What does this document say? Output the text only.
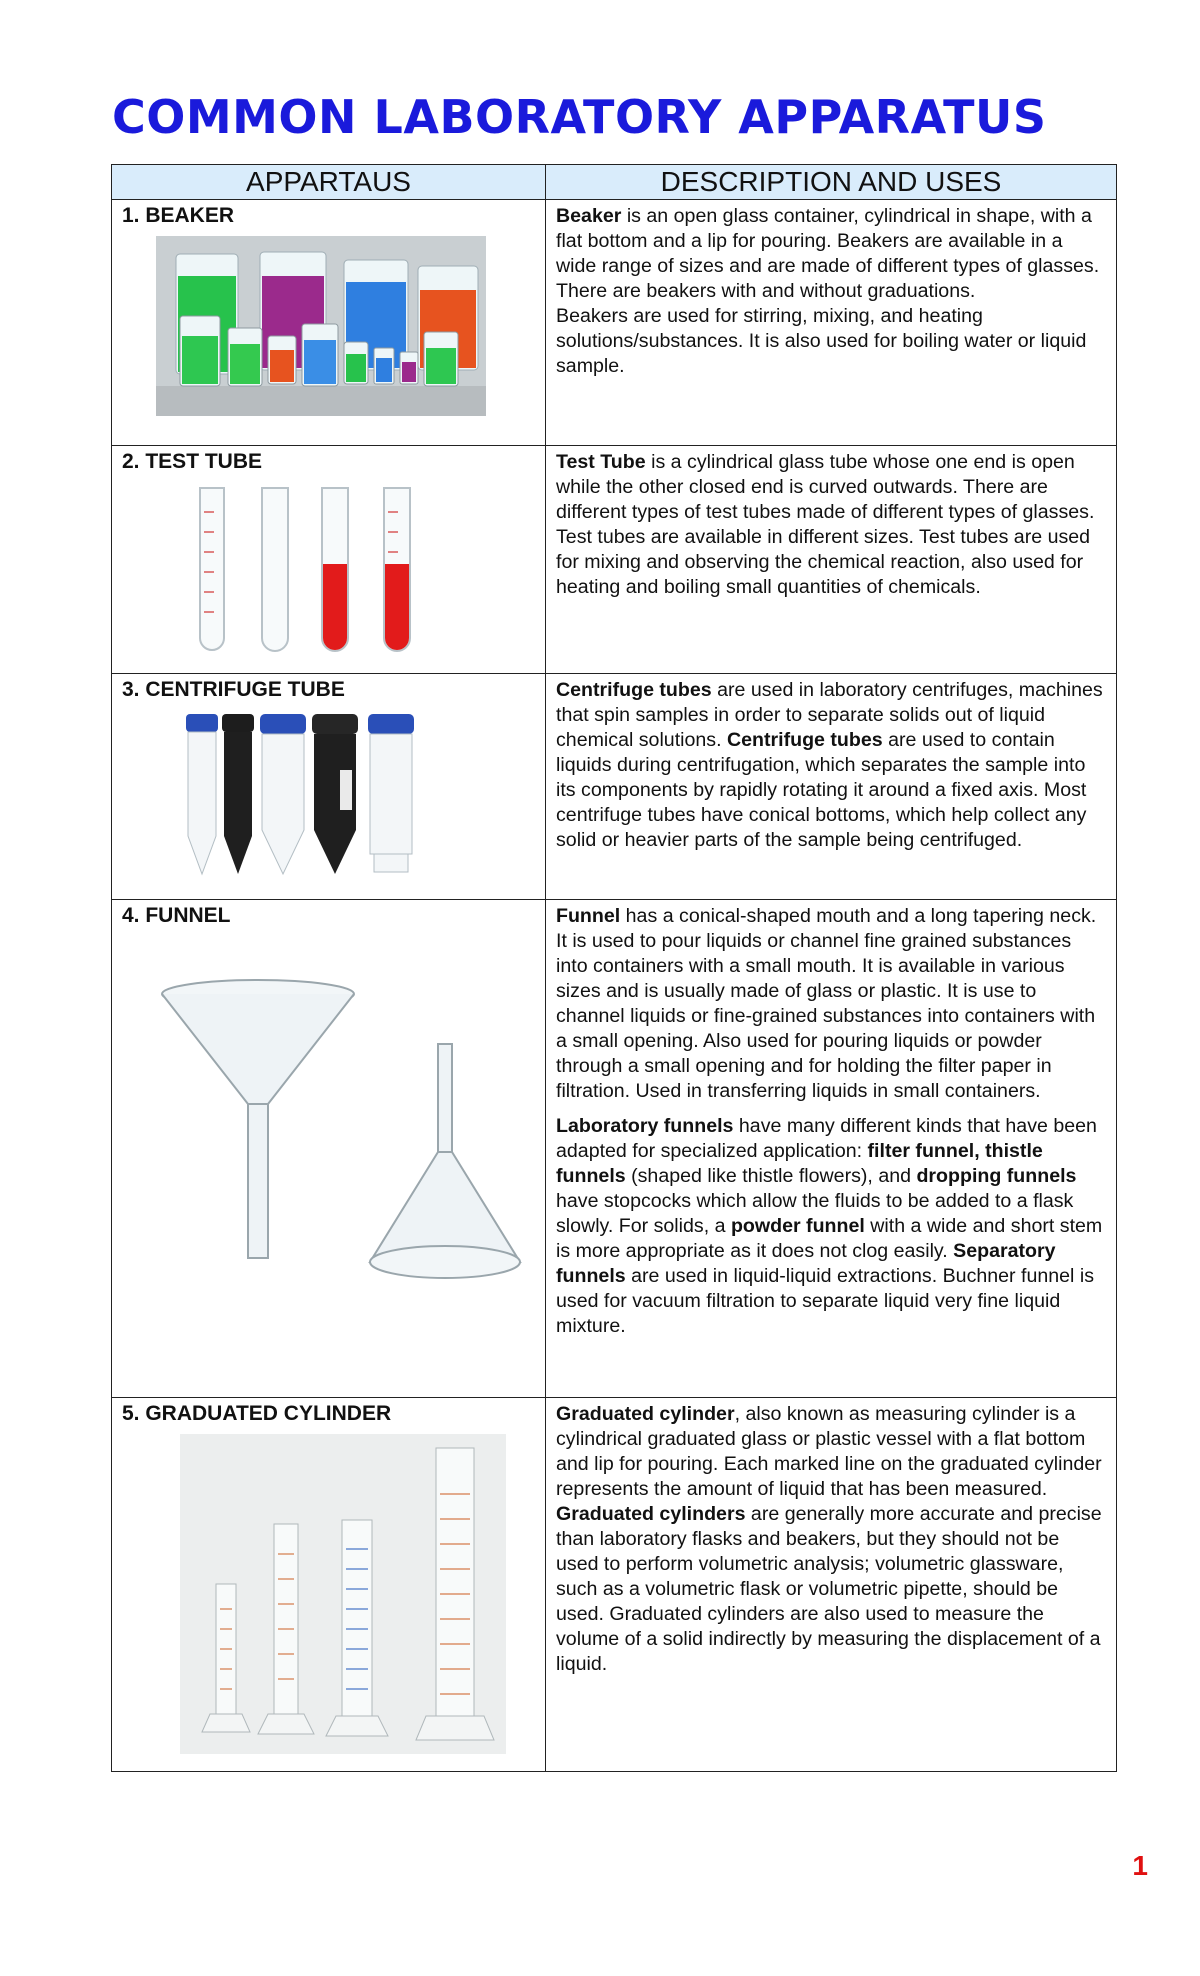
COMMON LABORATORY APPARATUS
APPARTAUS	DESCRIPTION AND USES

1. BEAKER	Beaker is an open glass container, cylindrical in shape, with a flat bottom and a lip for pouring. Beakers are available in a wide range of sizes and are made of different types of glasses. There are beakers with and without graduations.

Beakers are used for stirring, mixing, and heating solutions/substances. It is also used for boiling water or liquid sample.

2. TEST TUBE	Test Tube is a cylindrical glass tube whose one end is open while the other closed end is curved outwards. There are different types of test tubes made of different types of glasses. Test tubes are available in different sizes. Test tubes are used for mixing and observing the chemical reaction, also used for heating and boiling small quantities of chemicals.

3. CENTRIFUGE TUBE	Centrifuge tubes are used in laboratory centrifuges, machines that spin samples in order to separate solids out of liquid chemical solutions. Centrifuge tubes are used to contain liquids during centrifugation, which separates the sample into its components by rapidly rotating it around a fixed axis. Most centrifuge tubes have conical bottoms, which help collect any solid or heavier parts of the sample being centrifuged.

4. FUNNEL	Funnel has a conical-shaped mouth and a long tapering neck. It is used to pour liquids or channel fine grained substances into containers with a small mouth. It is available in various sizes and is usually made of glass or plastic. It is use to channel liquids or fine-grained substances into containers with a small opening. Also used for pouring liquids or powder through a small opening and for holding the filter paper in filtration. Used in transferring liquids in small containers.

Laboratory funnels have many different kinds that have been adapted for specialized application: filter funnel, thistle funnels (shaped like thistle flowers), and dropping funnels have stopcocks which allow the fluids to be added to a flask slowly. For solids, a powder funnel with a wide and short stem is more appropriate as it does not clog easily. Separatory funnels are used in liquid-liquid extractions. Buchner funnel is used for vacuum filtration to separate liquid very fine liquid mixture.

5. GRADUATED CYLINDER	Graduated cylinder, also known as measuring cylinder is a cylindrical graduated glass or plastic vessel with a flat bottom and lip for pouring. Each marked line on the graduated cylinder represents the amount of liquid that has been measured.

Graduated cylinders are generally more accurate and precise than laboratory flasks and beakers, but they should not be used to perform volumetric analysis; volumetric glassware, such as a volumetric flask or volumetric pipette, should be used. Graduated cylinders are also used to measure the volume of a solid indirectly by measuring the displacement of a liquid.

1
